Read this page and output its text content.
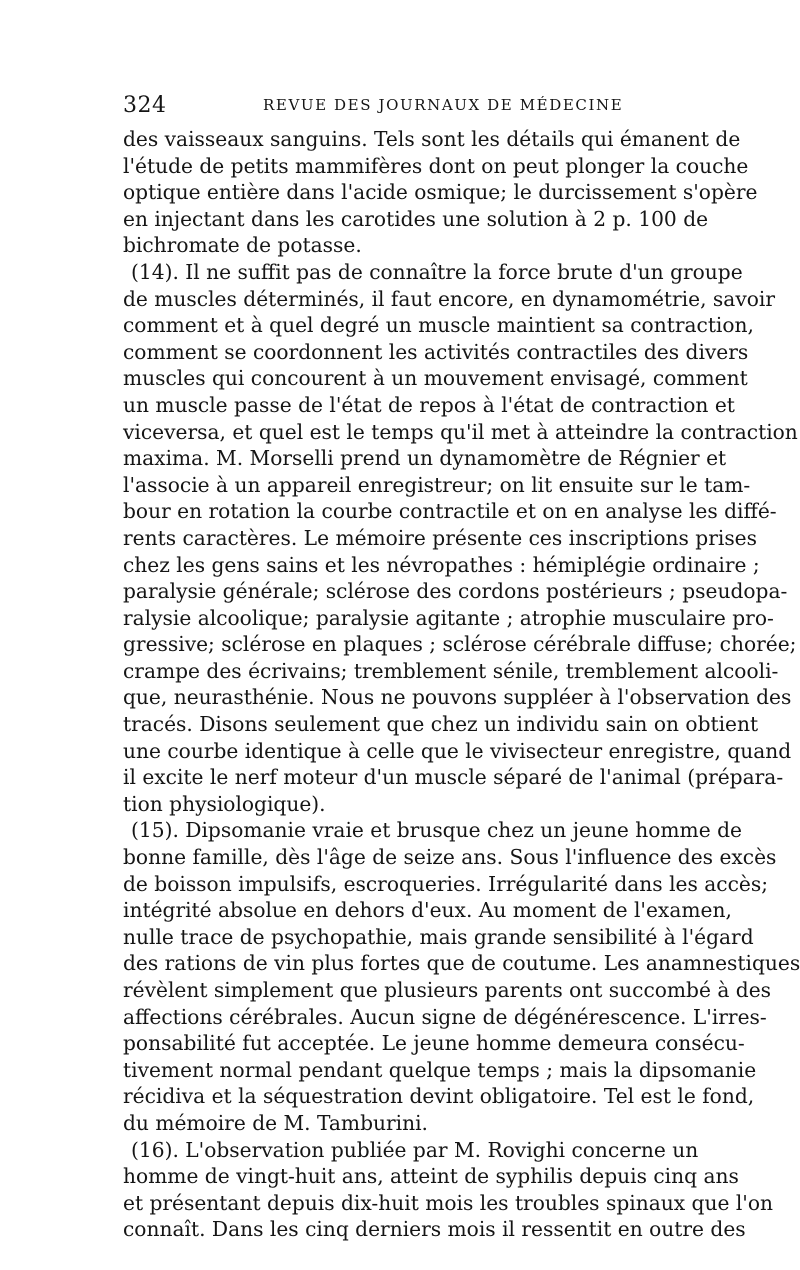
324	REVUE DES JOURNAUX DE MÉDECINE
des vaisseaux sanguins. Tels sont les détails qui émanent de
l'étude de petits mammifères dont on peut plonger la couche
optique entière dans l'acide osmique; le durcissement s'opère
en injectant dans les carotides une solution à 2 p. 100 de
bichromate de potasse.
(14). Il ne suffit pas de connaître la force brute d'un groupe
de muscles déterminés, il faut encore, en dynamométrie, savoir
comment et à quel degré un muscle maintient sa contraction,
comment se coordonnent les activités contractiles des divers
muscles qui concourent à un mouvement envisagé, comment
un muscle passe de l'état de repos à l'état de contraction et
viceversa, et quel est le temps qu'il met à atteindre la contraction
maxima. M. Morselli prend un dynamomètre de Régnier et
l'associe à un appareil enregistreur; on lit ensuite sur le tam-
bour en rotation la courbe contractile et on en analyse les diffé-
rents caractères. Le mémoire présente ces inscriptions prises
chez les gens sains et les névropathes : hémiplégie ordinaire ;
paralysie générale; sclérose des cordons postérieurs ; pseudopa-
ralysie alcoolique; paralysie agitante ; atrophie musculaire pro-
gressive; sclérose en plaques ; sclérose cérébrale diffuse; chorée;
crampe des écrivains; tremblement sénile, tremblement alcooli-
que, neurasthénie. Nous ne pouvons suppléer à l'observation des
tracés. Disons seulement que chez un individu sain on obtient
une courbe identique à celle que le vivisecteur enregistre, quand
il excite le nerf moteur d'un muscle séparé de l'animal (prépara-
tion physiologique).
(15). Dipsomanie vraie et brusque chez un jeune homme de
bonne famille, dès l'âge de seize ans. Sous l'influence des excès
de boisson impulsifs, escroqueries. Irrégularité dans les accès;
intégrité absolue en dehors d'eux. Au moment de l'examen,
nulle trace de psychopathie, mais grande sensibilité à l'égard
des rations de vin plus fortes que de coutume. Les anamnestiques
révèlent simplement que plusieurs parents ont succombé à des
affections cérébrales. Aucun signe de dégénérescence. L'irres-
ponsabilité fut acceptée. Le jeune homme demeura consécu-
tivement normal pendant quelque temps ; mais la dipsomanie
récidiva et la séquestration devint obligatoire. Tel est le fond,
du mémoire de M. Tamburini.
(16). L'observation publiée par M. Rovighi concerne un
homme de vingt-huit ans, atteint de syphilis depuis cinq ans
et présentant depuis dix-huit mois les troubles spinaux que l'on
connaît. Dans les cinq derniers mois il ressentit en outre des
